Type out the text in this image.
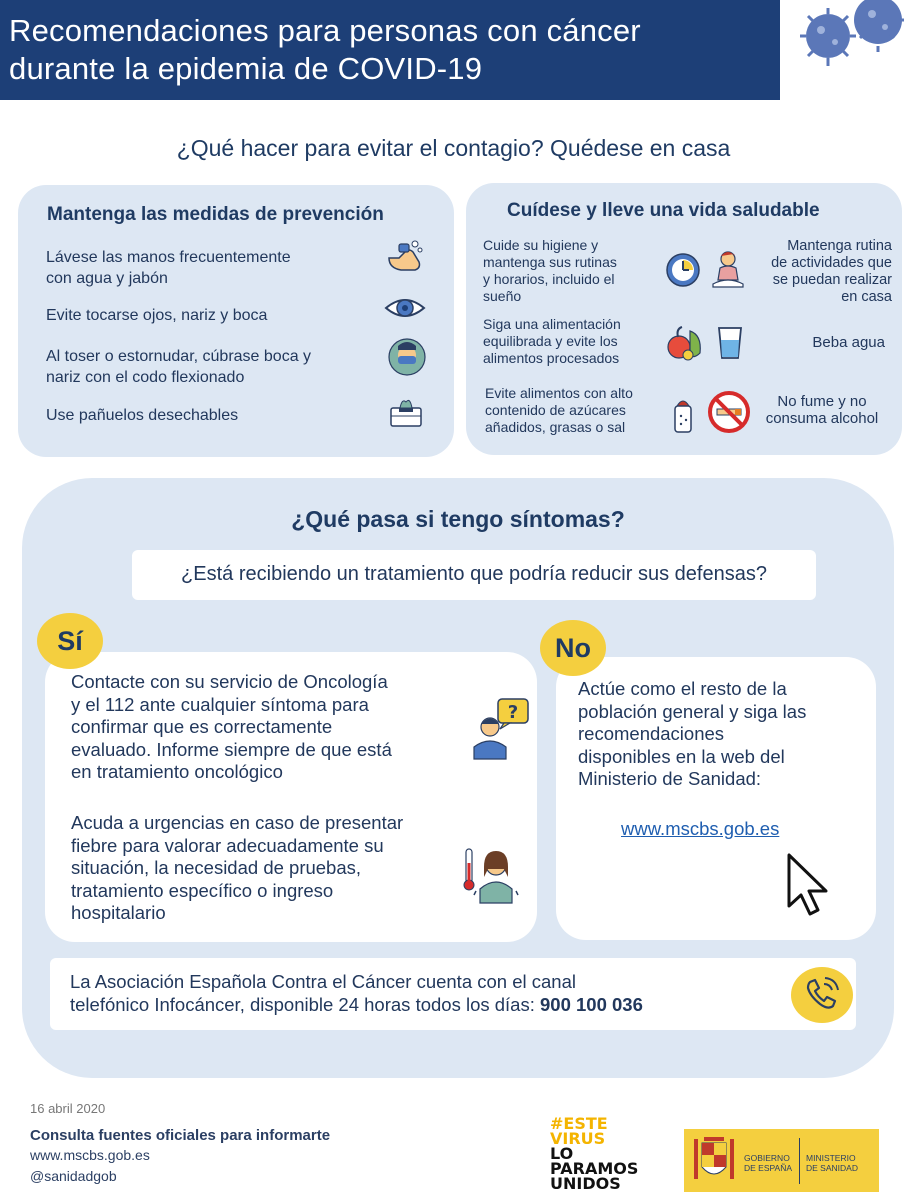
Recomendaciones para personas con cáncer
durante la epidemia de COVID-19
¿Qué hacer para evitar el contagio? Quédese en casa
Mantenga las medidas de prevención
Lávese las manos frecuentemente
con agua y jabón
Evite tocarse ojos, nariz y boca
Al toser o estornudar, cúbrase boca y
nariz con el codo flexionado
Use pañuelos desechables
Cuídese y lleve una vida saludable
Cuide su higiene y
mantenga sus rutinas
y horarios, incluido el
sueño
Mantenga rutina
de actividades que
se puedan realizar
en casa
Siga una alimentación
equilibrada y evite los
alimentos procesados
Beba agua
Evite alimentos con alto
contenido de azúcares
añadidos, grasas o sal
No fume y no
consuma alcohol
¿Qué pasa si tengo síntomas?
¿Está recibiendo un tratamiento que podría reducir sus defensas?
Sí
Contacte con su servicio de Oncología
y el 112 ante cualquier síntoma para
confirmar que es correctamente
evaluado. Informe siempre de que está
en tratamiento oncológico
?
Acuda a urgencias en caso de presentar
fiebre para valorar adecuadamente su
situación, la necesidad de pruebas,
tratamiento específico o ingreso
hospitalario
No
Actúe como el resto de la
población general y siga las
recomendaciones
disponibles en la web del
Ministerio de Sanidad:
www.mscbs.gob.es
La Asociación Española Contra el Cáncer cuenta con el canal
telefónico Infocáncer, disponible 24 horas todos los días: 900 100 036
16 abril 2020
Consulta fuentes oficiales para informarte
www.mscbs.gob.es
@sanidadgob
#ESTE
VIRUS
LO
PARAMOS
UNIDOS
GOBIERNO
DE ESPAÑA
MINISTERIO
DE SANIDAD
